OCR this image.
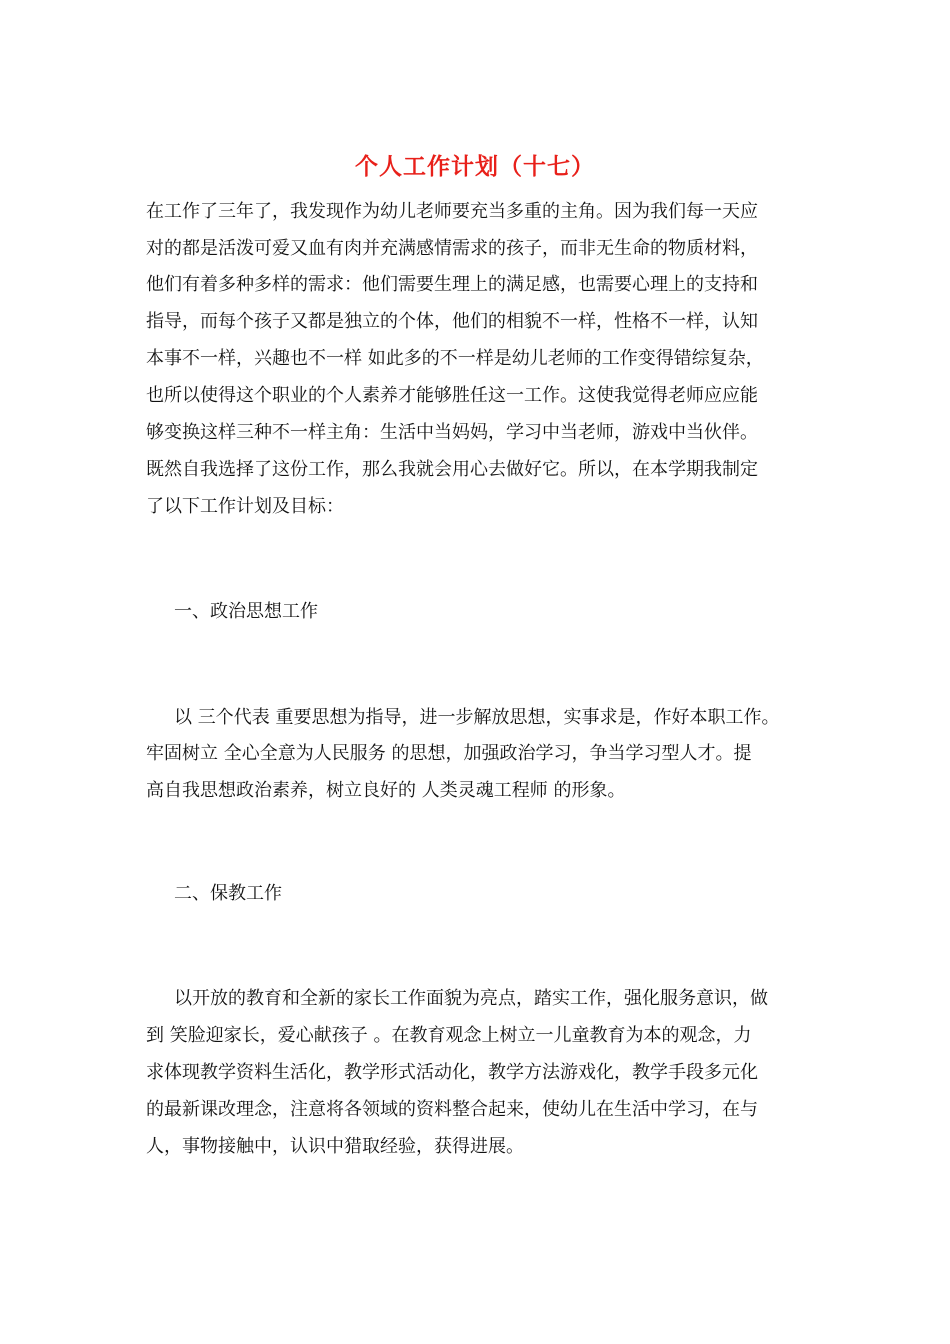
个人工作计划（十七）
在工作了三年了，我发现作为幼儿老师要充当多重的主角。因为我们每一天应
对的都是活泼可爱又血有肉并充满感情需求的孩子，而非无生命的物质材料，
他们有着多种多样的需求：他们需要生理上的满足感，也需要心理上的支持和
指导，而每个孩子又都是独立的个体，他们的相貌不一样，性格不一样，认知
本事不一样，兴趣也不一样 如此多的不一样是幼儿老师的工作变得错综复杂，
也所以使得这个职业的个人素养才能够胜任这一工作。这使我觉得老师应应能
够变换这样三种不一样主角：生活中当妈妈，学习中当老师，游戏中当伙伴。
既然自我选择了这份工作，那么我就会用心去做好它。所以，在本学期我制定
了以下工作计划及目标：
一、政治思想工作
以 三个代表 重要思想为指导，进一步解放思想，实事求是，作好本职工作。
牢固树立 全心全意为人民服务 的思想，加强政治学习，争当学习型人才。提
高自我思想政治素养，树立良好的 人类灵魂工程师 的形象。
二、保教工作
以开放的教育和全新的家长工作面貌为亮点，踏实工作，强化服务意识，做
到 笑脸迎家长，爱心献孩子 。在教育观念上树立一儿童教育为本的观念，力
求体现教学资料生活化，教学形式活动化，教学方法游戏化，教学手段多元化
的最新课改理念，注意将各领域的资料整合起来，使幼儿在生活中学习，在与
人，事物接触中，认识中猎取经验，获得进展。
